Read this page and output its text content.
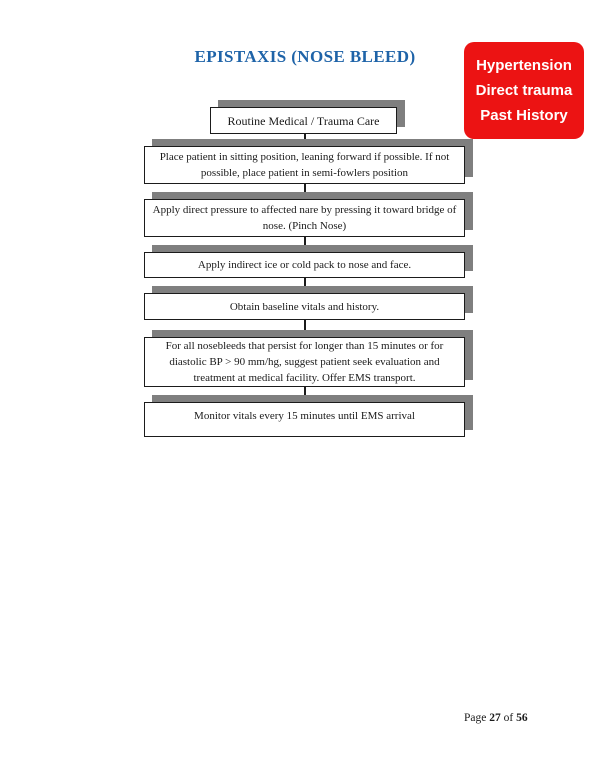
EPISTAXIS (NOSE BLEED)	Hypertension
Direct trauma
Past History
Routine Medical / Trauma Care
Place patient in sitting position, leaning forward if possible. If not possible, place patient in semi-fowlers position
Apply direct pressure to affected nare by pressing it toward bridge of nose. (Pinch Nose)
Apply indirect ice or cold pack to nose and face.
Obtain baseline vitals and history.
For all nosebleeds that persist for longer than 15 minutes or for diastolic BP > 90 mm/hg, suggest patient seek evaluation and treatment at medical facility. Offer EMS transport.
Monitor vitals every 15 minutes until EMS arrival
Page 27 of 56
